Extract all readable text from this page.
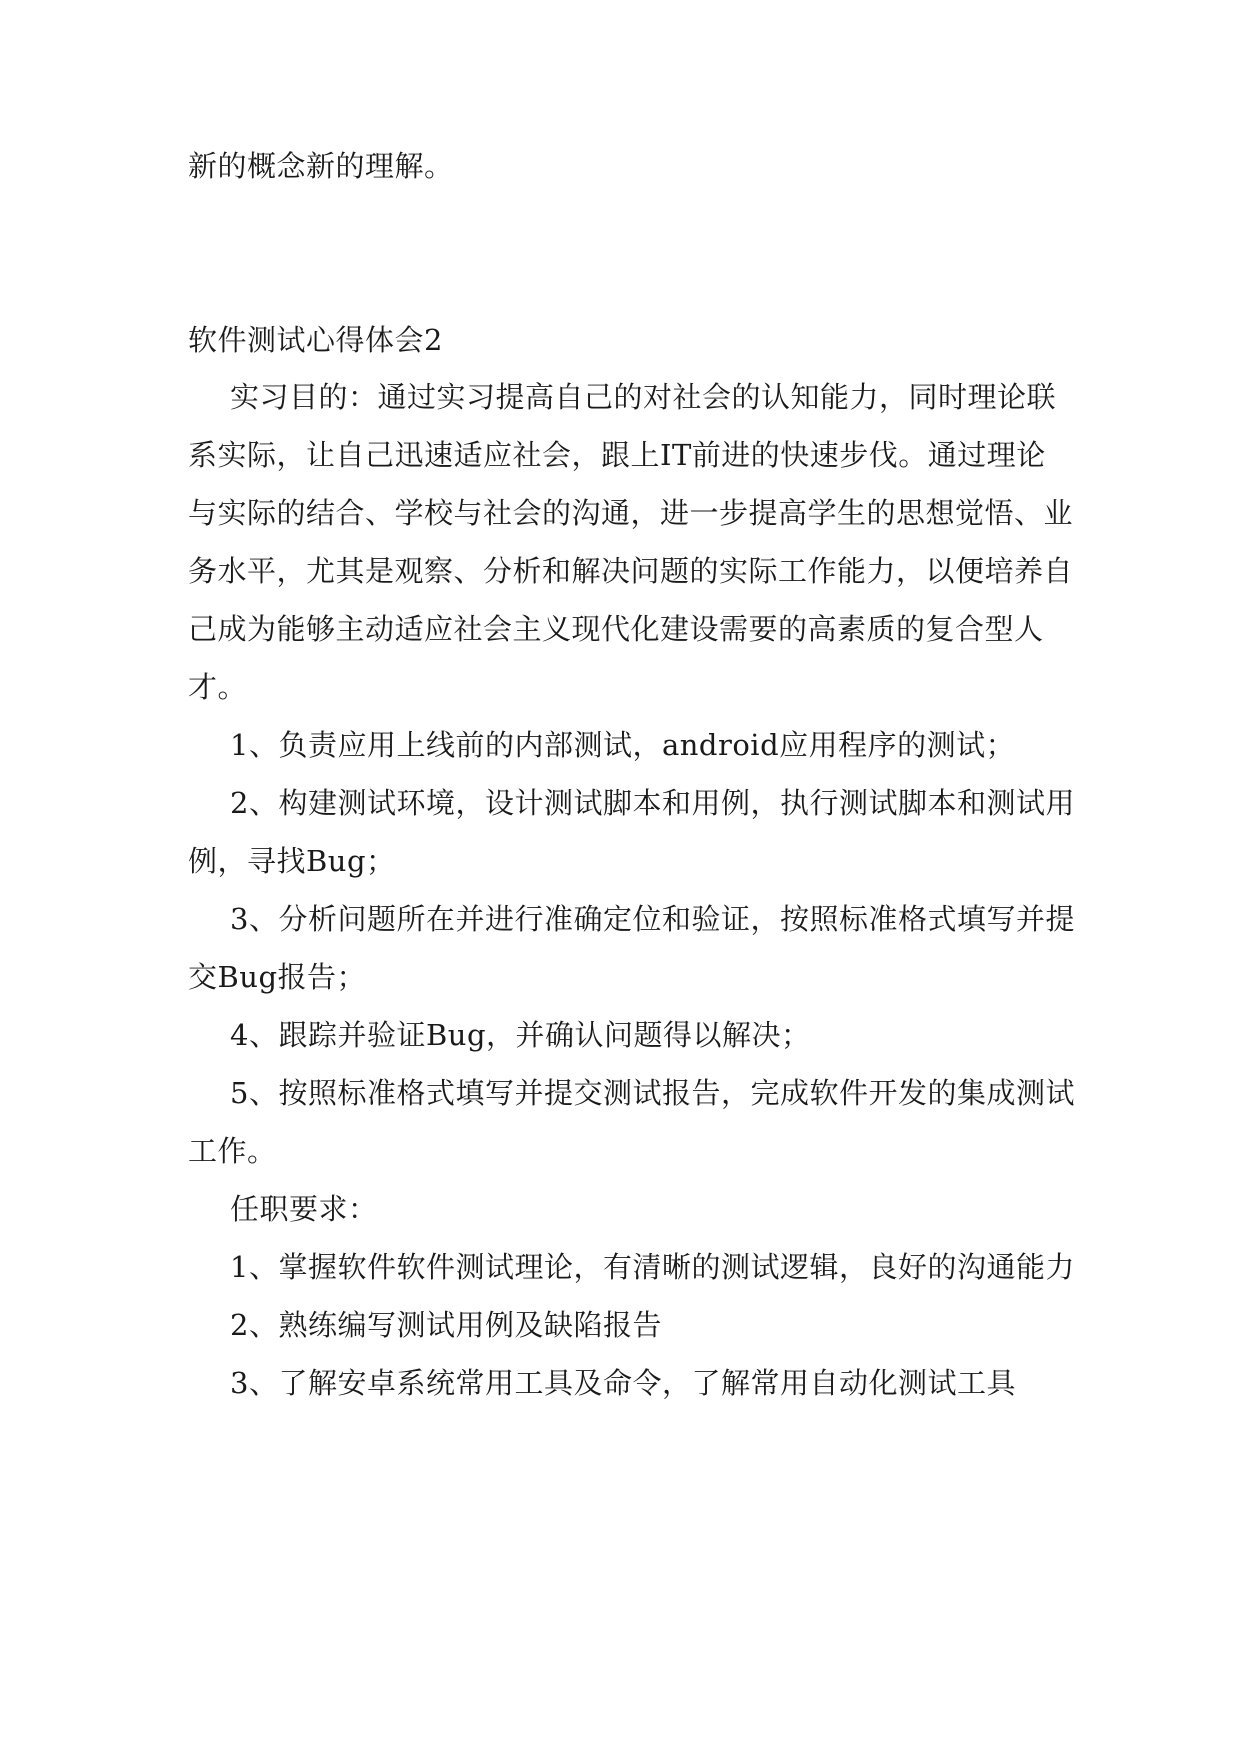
新的概念新的理解。
软件测试心得体会2
实习目的：通过实习提高自己的对社会的认知能力，同时理论联
系实际，让自己迅速适应社会，跟上IT前进的快速步伐。通过理论
与实际的结合、学校与社会的沟通，进一步提高学生的思想觉悟、业
务水平，尤其是观察、分析和解决问题的实际工作能力，以便培养自
己成为能够主动适应社会主义现代化建设需要的高素质的复合型人
才。
1、负责应用上线前的内部测试，android应用程序的测试；
2、构建测试环境，设计测试脚本和用例，执行测试脚本和测试用
例，寻找Bug；
3、分析问题所在并进行准确定位和验证，按照标准格式填写并提
交Bug报告；
4、跟踪并验证Bug，并确认问题得以解决；
5、按照标准格式填写并提交测试报告，完成软件开发的集成测试
工作。
任职要求：
1、掌握软件软件测试理论，有清晰的测试逻辑，良好的沟通能力
2、熟练编写测试用例及缺陷报告
3、了解安卓系统常用工具及命令，了解常用自动化测试工具
